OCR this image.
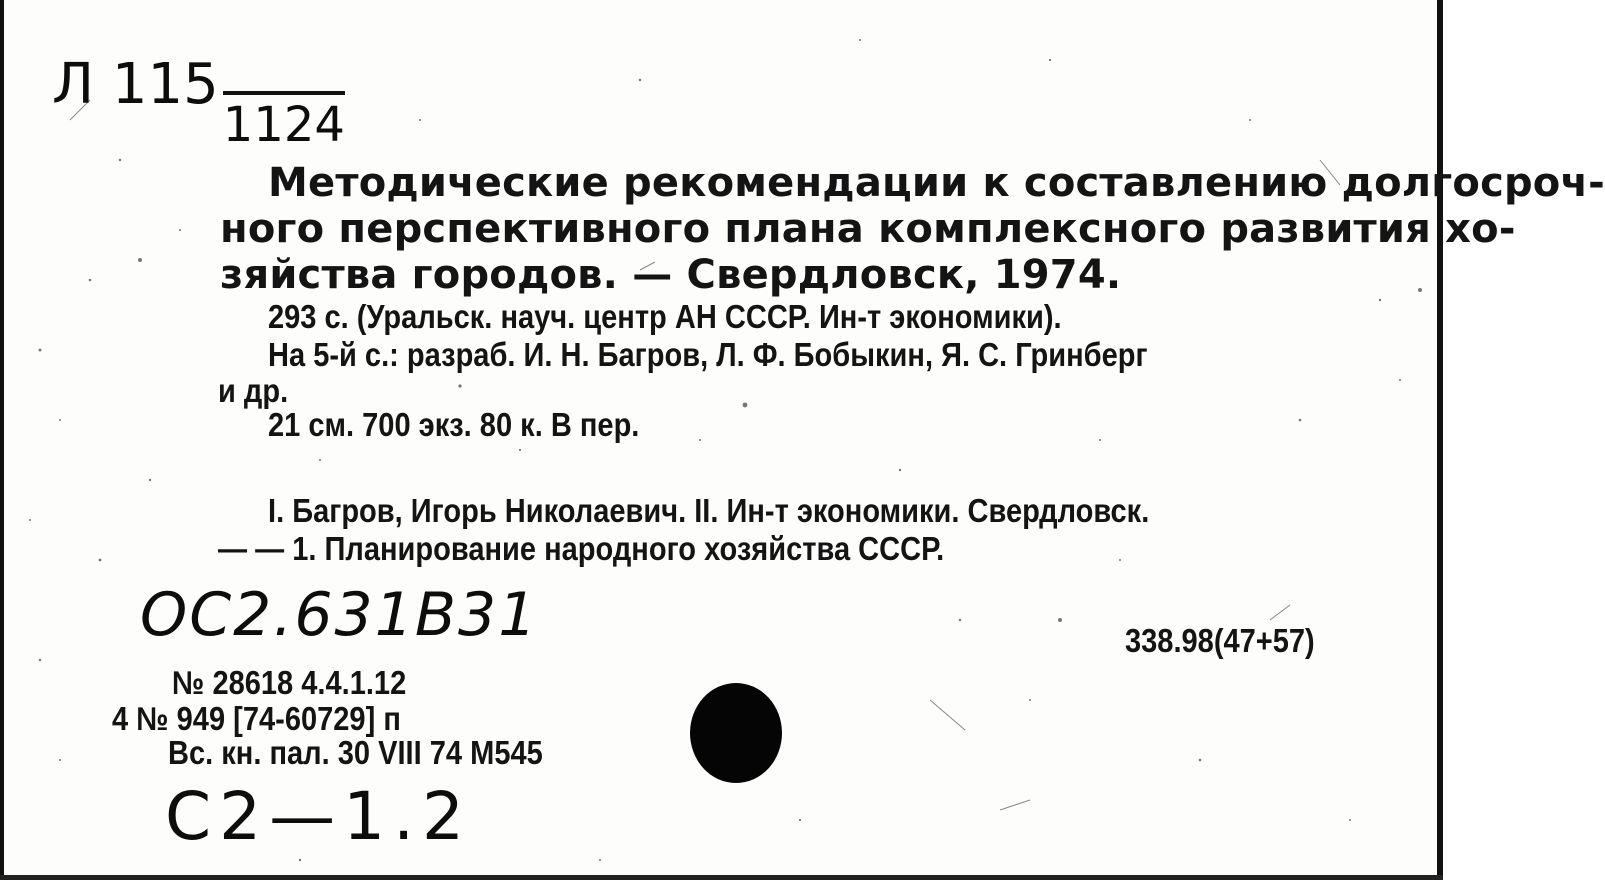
Л 1151124
Методические рекомендации к составлению долгосроч-
ного перспективного плана комплексного развития хо-
зяйства городов. — Свердловск, 1974.
293 с. (Уральск. науч. центр АН СССР. Ин-т экономики).
На 5-й с.: разраб. И. Н. Багров, Л. Ф. Бобыкин, Я. С. Гринберг
и др.
21 см. 700 экз. 80 к. В пер.
I. Багров, Игорь Николаевич. II. Ин-т экономики. Свердловск.
— — 1. Планирование народного хозяйства СССР.
ОС2.631В31	338.98(47+57)
№ 28618 4.4.1.12
4 № 949 [74-60729] п
Вс. кн. пал. 30 VIII 74 М545
С2—1.2
